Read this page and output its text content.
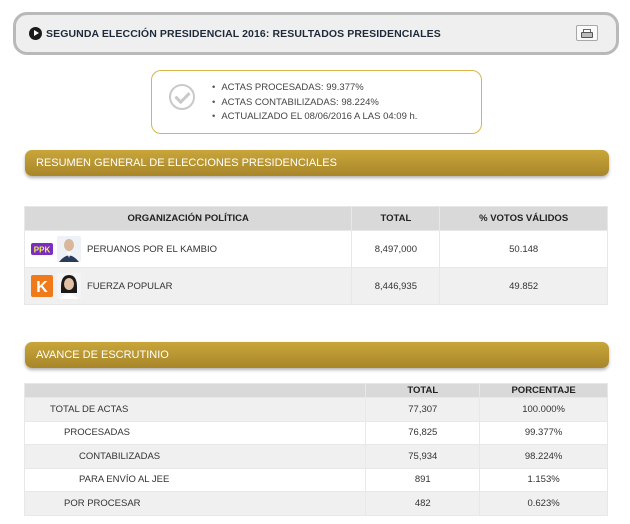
SEGUNDA ELECCIÓN PRESIDENCIAL 2016: RESULTADOS PRESIDENCIALES
• ACTAS PROCESADAS: 99.377%
• ACTAS CONTABILIZADAS: 98.224%
• ACTUALIZADO EL 08/06/2016 A LAS 04:09 h.
RESUMEN GENERAL DE ELECCIONES PRESIDENCIALES
ORGANIZACIÓN POLÍTICA	TOTAL	% VOTOS VÁLIDOS

PPK PERUANOS POR EL KAMBIO	8,497,000	50.148

K FUERZA POPULAR	8,446,935	49.852
AVANCE DE ESCRUTINIO
	TOTAL	PORCENTAJE
TOTAL DE ACTAS	77,307	100.000%
PROCESADAS	76,825	99.377%
CONTABILIZADAS	75,934	98.224%
PARA ENVÍO AL JEE	891	1.153%
POR PROCESAR	482	0.623%
